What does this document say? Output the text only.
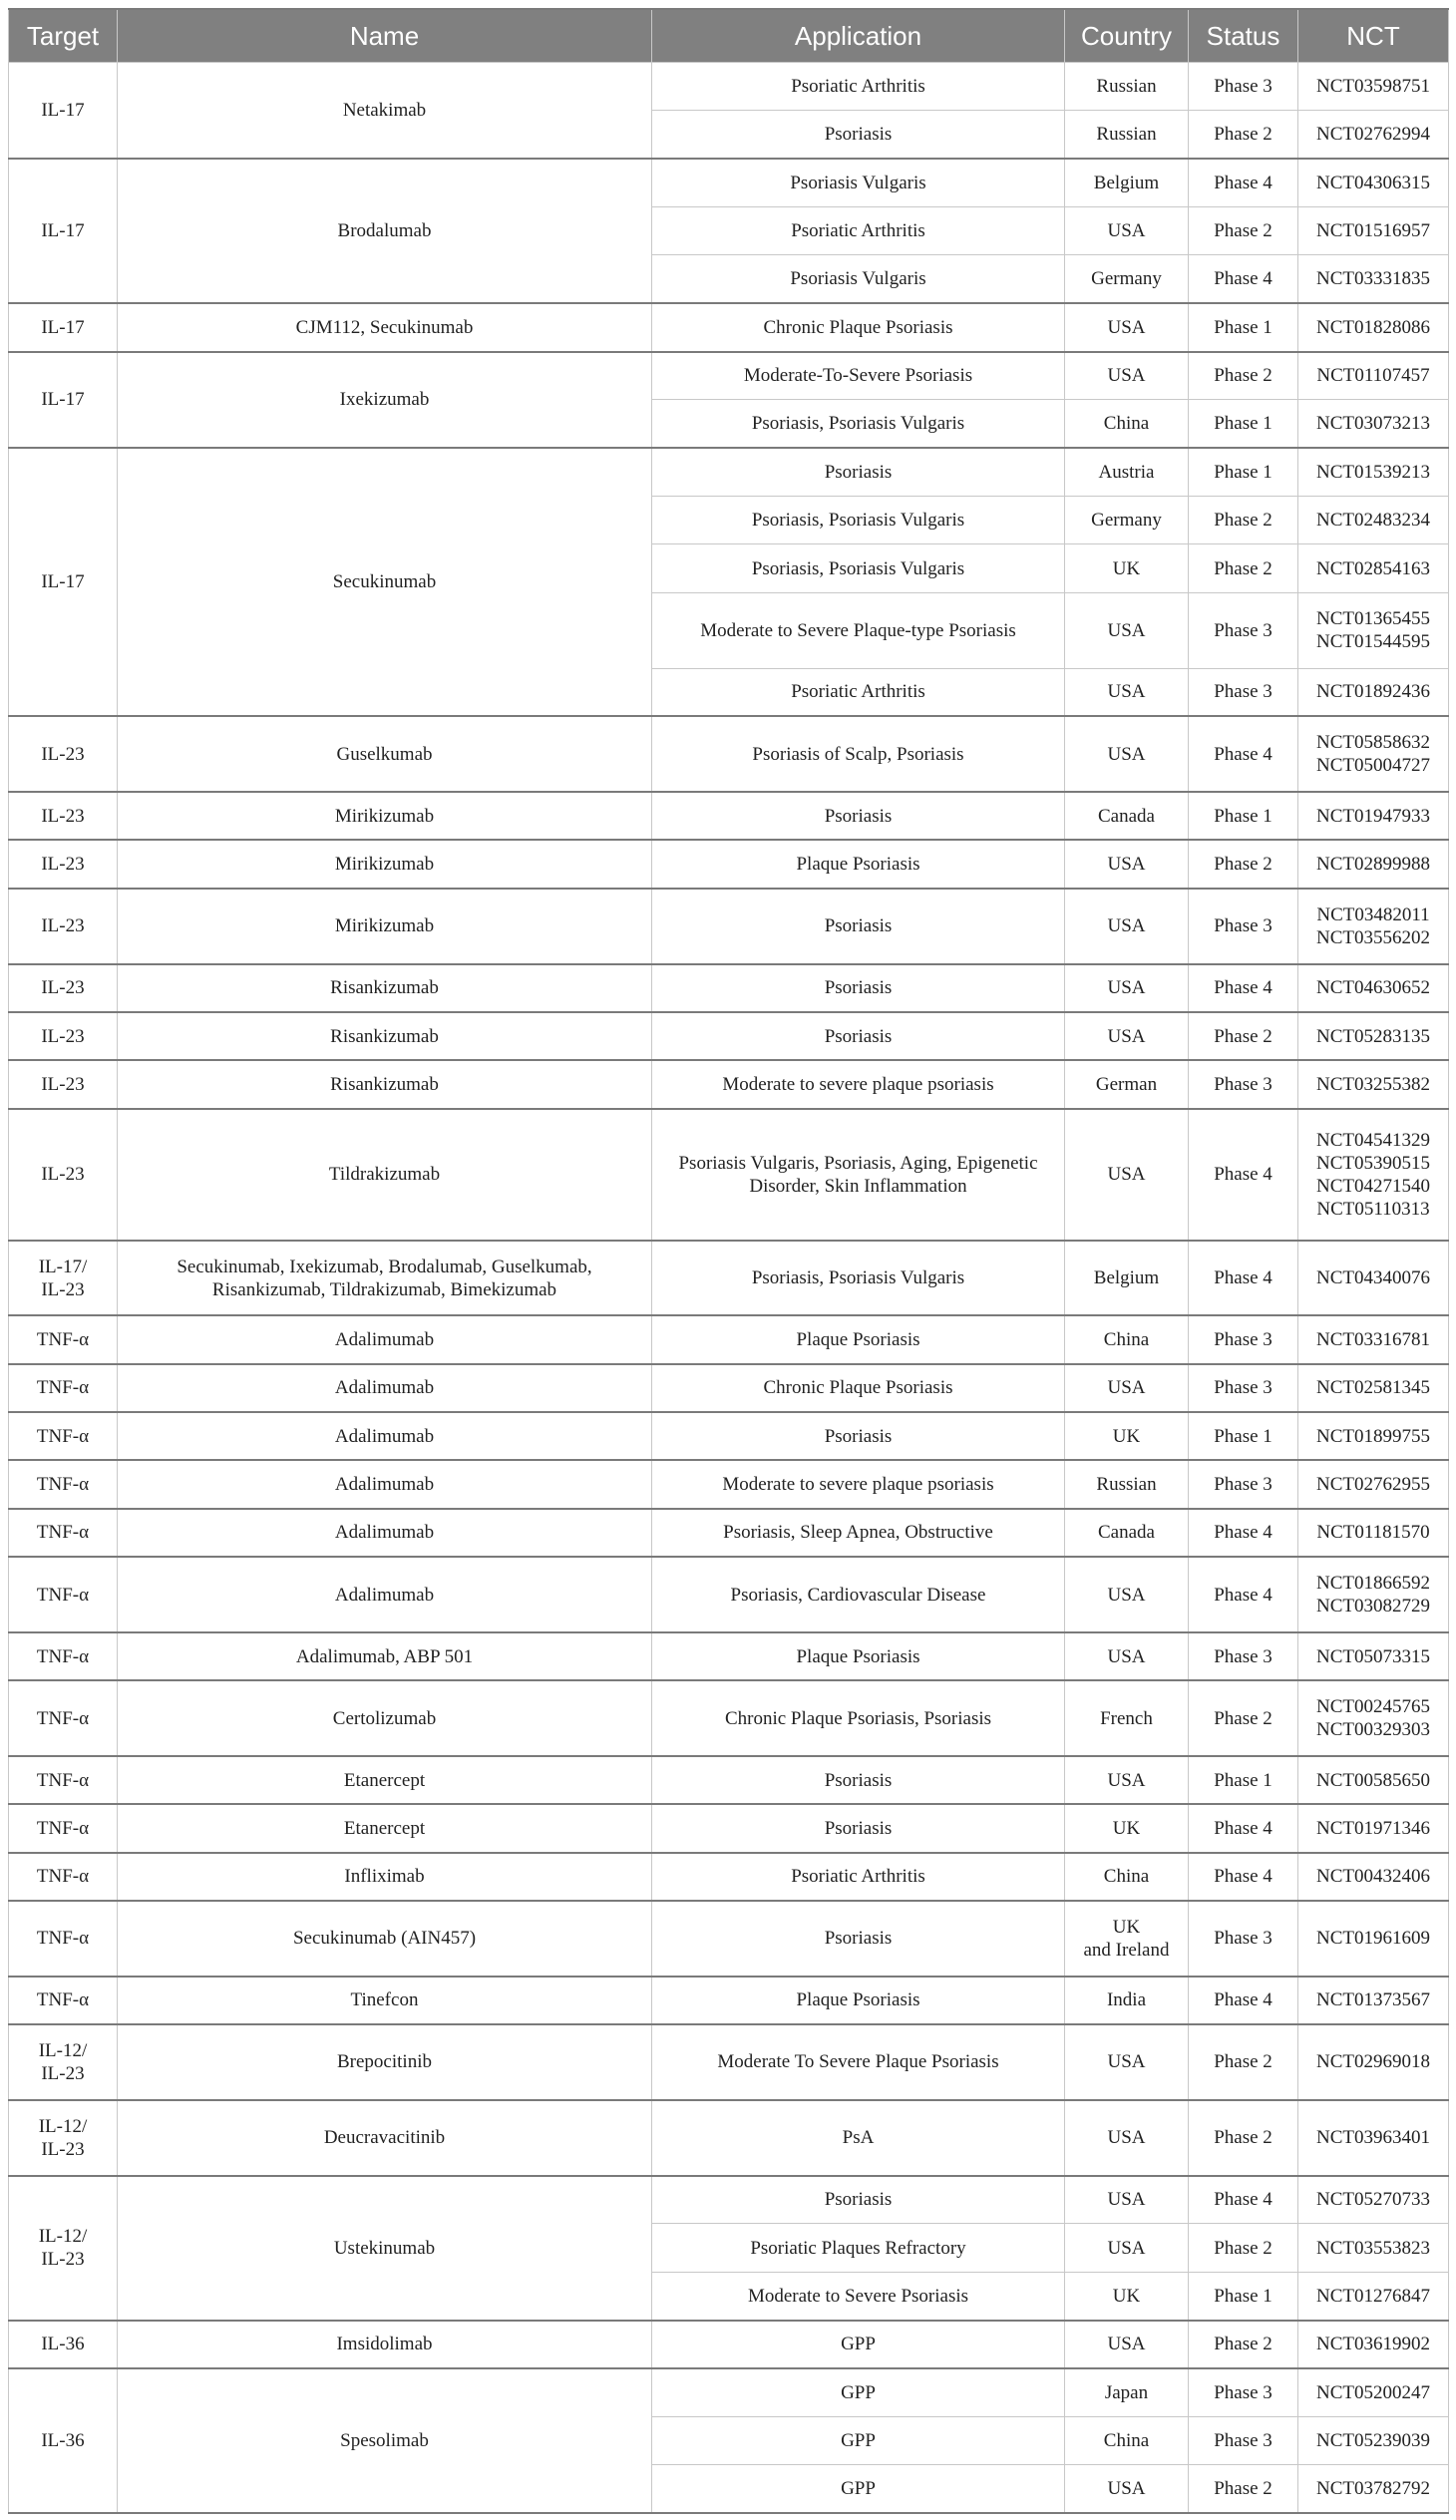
Target	Name	Application	Country	Status	NCT
IL-17	Netakimab	Psoriatic Arthritis	Russian	Phase 3	NCT03598751
		Psoriasis	Russian	Phase 2	NCT02762994
IL-17	Brodalumab	Psoriasis Vulgaris	Belgium	Phase 4	NCT04306315
		Psoriatic Arthritis	USA	Phase 2	NCT01516957
		Psoriasis Vulgaris	Germany	Phase 4	NCT03331835
IL-17	CJM112, Secukinumab	Chronic Plaque Psoriasis	USA	Phase 1	NCT01828086
IL-17	Ixekizumab	Moderate-To-Severe Psoriasis	USA	Phase 2	NCT01107457
		Psoriasis, Psoriasis Vulgaris	China	Phase 1	NCT03073213
IL-17	Secukinumab	Psoriasis	Austria	Phase 1	NCT01539213
		Psoriasis, Psoriasis Vulgaris	Germany	Phase 2	NCT02483234
		Psoriasis, Psoriasis Vulgaris	UK	Phase 2	NCT02854163
		Moderate to Severe Plaque-type Psoriasis	USA	Phase 3	NCT01365455
NCT01544595
		Psoriatic Arthritis	USA	Phase 3	NCT01892436
IL-23	Guselkumab	Psoriasis of Scalp, Psoriasis	USA	Phase 4	NCT05858632
NCT05004727
IL-23	Mirikizumab	Psoriasis	Canada	Phase 1	NCT01947933
IL-23	Mirikizumab	Plaque Psoriasis	USA	Phase 2	NCT02899988
IL-23	Mirikizumab	Psoriasis	USA	Phase 3	NCT03482011
NCT03556202
IL-23	Risankizumab	Psoriasis	USA	Phase 4	NCT04630652
IL-23	Risankizumab	Psoriasis	USA	Phase 2	NCT05283135
IL-23	Risankizumab	Moderate to severe plaque psoriasis	German	Phase 3	NCT03255382
IL-23	Tildrakizumab	Psoriasis Vulgaris, Psoriasis, Aging, Epigenetic Disorder, Skin Inflammation	USA	Phase 4	NCT04541329
NCT05390515
NCT04271540
NCT05110313
IL-17/
IL-23	Secukinumab, Ixekizumab, Brodalumab, Guselkumab, Risankizumab, Tildrakizumab, Bimekizumab	Psoriasis, Psoriasis Vulgaris	Belgium	Phase 4	NCT04340076
TNF-α	Adalimumab	Plaque Psoriasis	China	Phase 3	NCT03316781
TNF-α	Adalimumab	Chronic Plaque Psoriasis	USA	Phase 3	NCT02581345
TNF-α	Adalimumab	Psoriasis	UK	Phase 1	NCT01899755
TNF-α	Adalimumab	Moderate to severe plaque psoriasis	Russian	Phase 3	NCT02762955
TNF-α	Adalimumab	Psoriasis, Sleep Apnea, Obstructive	Canada	Phase 4	NCT01181570
TNF-α	Adalimumab	Psoriasis, Cardiovascular Disease	USA	Phase 4	NCT01866592
NCT03082729
TNF-α	Adalimumab, ABP 501	Plaque Psoriasis	USA	Phase 3	NCT05073315
TNF-α	Certolizumab	Chronic Plaque Psoriasis, Psoriasis	French	Phase 2	NCT00245765
NCT00329303
TNF-α	Etanercept	Psoriasis	USA	Phase 1	NCT00585650
TNF-α	Etanercept	Psoriasis	UK	Phase 4	NCT01971346
TNF-α	Infliximab	Psoriatic Arthritis	China	Phase 4	NCT00432406
TNF-α	Secukinumab (AIN457)	Psoriasis	UK
and Ireland	Phase 3	NCT01961609
TNF-α	Tinefcon	Plaque Psoriasis	India	Phase 4	NCT01373567
IL-12/
IL-23	Brepocitinib	Moderate To Severe Plaque Psoriasis	USA	Phase 2	NCT02969018
IL-12/
IL-23	Deucravacitinib	PsA	USA	Phase 2	NCT03963401
IL-12/
IL-23	Ustekinumab	Psoriasis	USA	Phase 4	NCT05270733
		Psoriatic Plaques Refractory	USA	Phase 2	NCT03553823
		Moderate to Severe Psoriasis	UK	Phase 1	NCT01276847
IL-36	Imsidolimab	GPP	USA	Phase 2	NCT03619902
IL-36	Spesolimab	GPP	Japan	Phase 3	NCT05200247
		GPP	China	Phase 3	NCT05239039
		GPP	USA	Phase 2	NCT03782792
